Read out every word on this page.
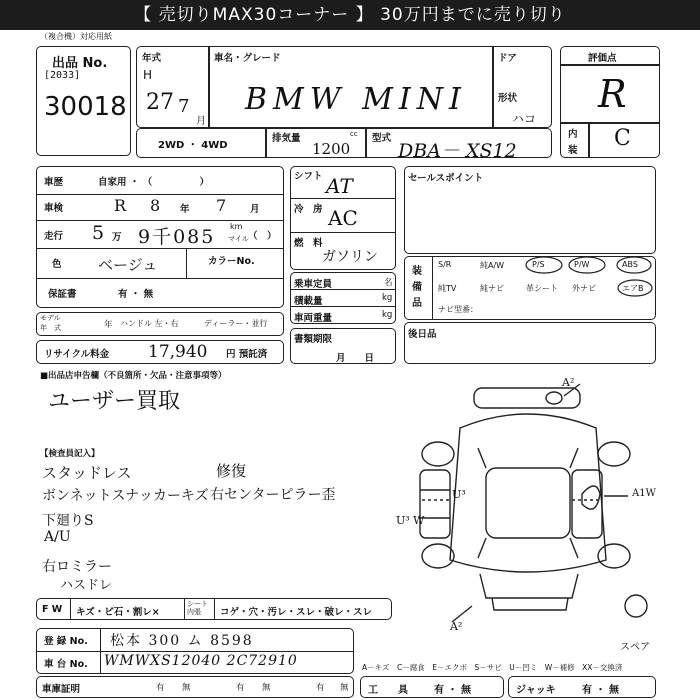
【 売切りMAX30コーナー 】 30万円までに売り切り
（複合機）対応用紙
出品 No.
[2033]
30018
年式
H
27 7
月
車名・グレード
BMW MINI
ドア
形状
ハコ
2WD ・ 4WD
排気量	cc
1200
型式
DBA－ XS12
評価点
R
内
装 C
車歴	自家用 ・ （　　　　　）
車検	R 8 年 7	月
走行 5 万 9千085 km
マイル （　）
色 ベージュ	カラーNo.
保証書	有 ・ 無
モデル
年　式	年 ハンドル 左・右	ディーラー・並行
リサイクル料金 17,940 円 預託済
シフト AT
冷　房 AC
燃　料
ガソリン
乗車定員	名
積載量	kg
車両重量	kg
書類期限
月　　日
セールスポイント
装
備
品
S/R	純A/W	P/S	P/W	ABS
純TV	純ナビ	革シート 外ナビ	エアB
ナビ型番：
後日品
■出品店申告欄（不良箇所・欠品・注意事項等）
ユーザー買取
【検査員記入】
スタッドレス
ボンネットスナッカーキズ
下廻りS
A/U
右ロミラー
ハスドレ
修復
右センターピラー歪
A²
U³
U³ W
A1W
A²
スペア
F W キズ・ビ石・割レ×
シート内張	コゲ・穴・汚レ・スレ・破レ・スレ
登 録 No. 松本 300 ム 8598
車 台 No. WMWXS12040 2C72910	A－キズ　C－腐食　E－エクボ　S－サビ　U－凹ミ　W－補修　XX－交換済
車庫証明	有 無	有 無	有 無 工　　具	有 ・ 無	ジャッキ	有 ・ 無
